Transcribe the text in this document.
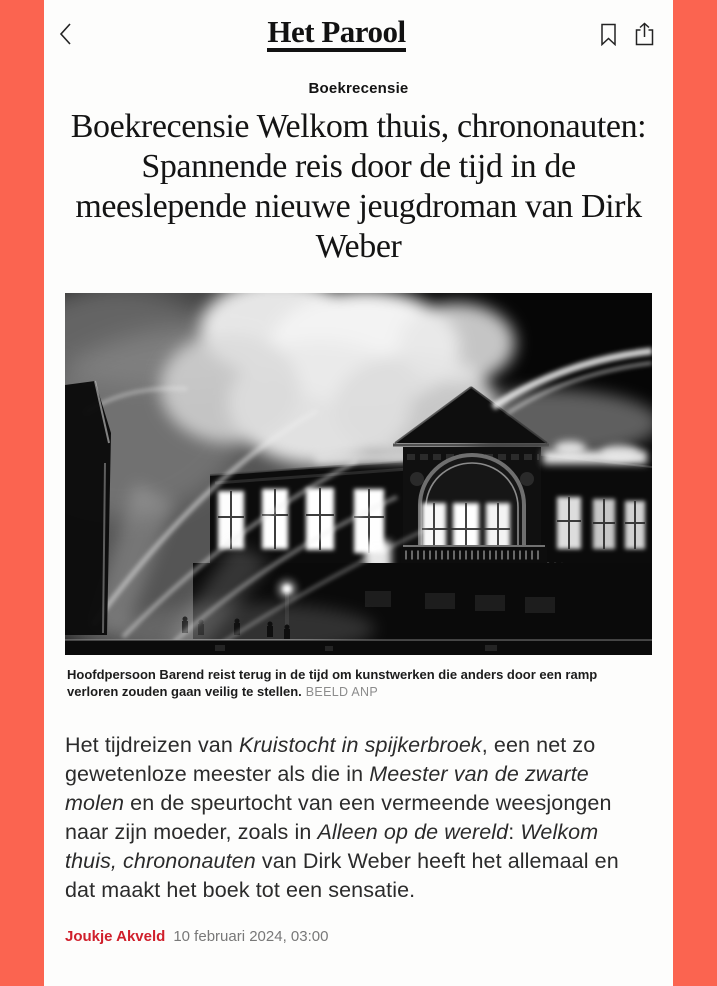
Het Parool
Boekrecensie
Boekrecensie Welkom thuis, chrononauten: Spannende reis door de tijd in de meeslepende nieuwe jeugdroman van Dirk Weber
Hoofdpersoon Barend reist terug in de tijd om kunstwerken die anders door een ramp verloren zouden gaan veilig te stellen. BEELD ANP

Het tijdreizen van Kruistocht in spijkerbroek, een net zo gewetenloze meester als die in Meester van de zwarte molen en de speurtocht van een vermeende weesjongen naar zijn moeder, zoals in Alleen op de wereld: Welkom thuis, chrononauten van Dirk Weber heeft het allemaal en dat maakt het boek tot een sensatie.

Joukje Akveld 10 februari 2024, 03:00
